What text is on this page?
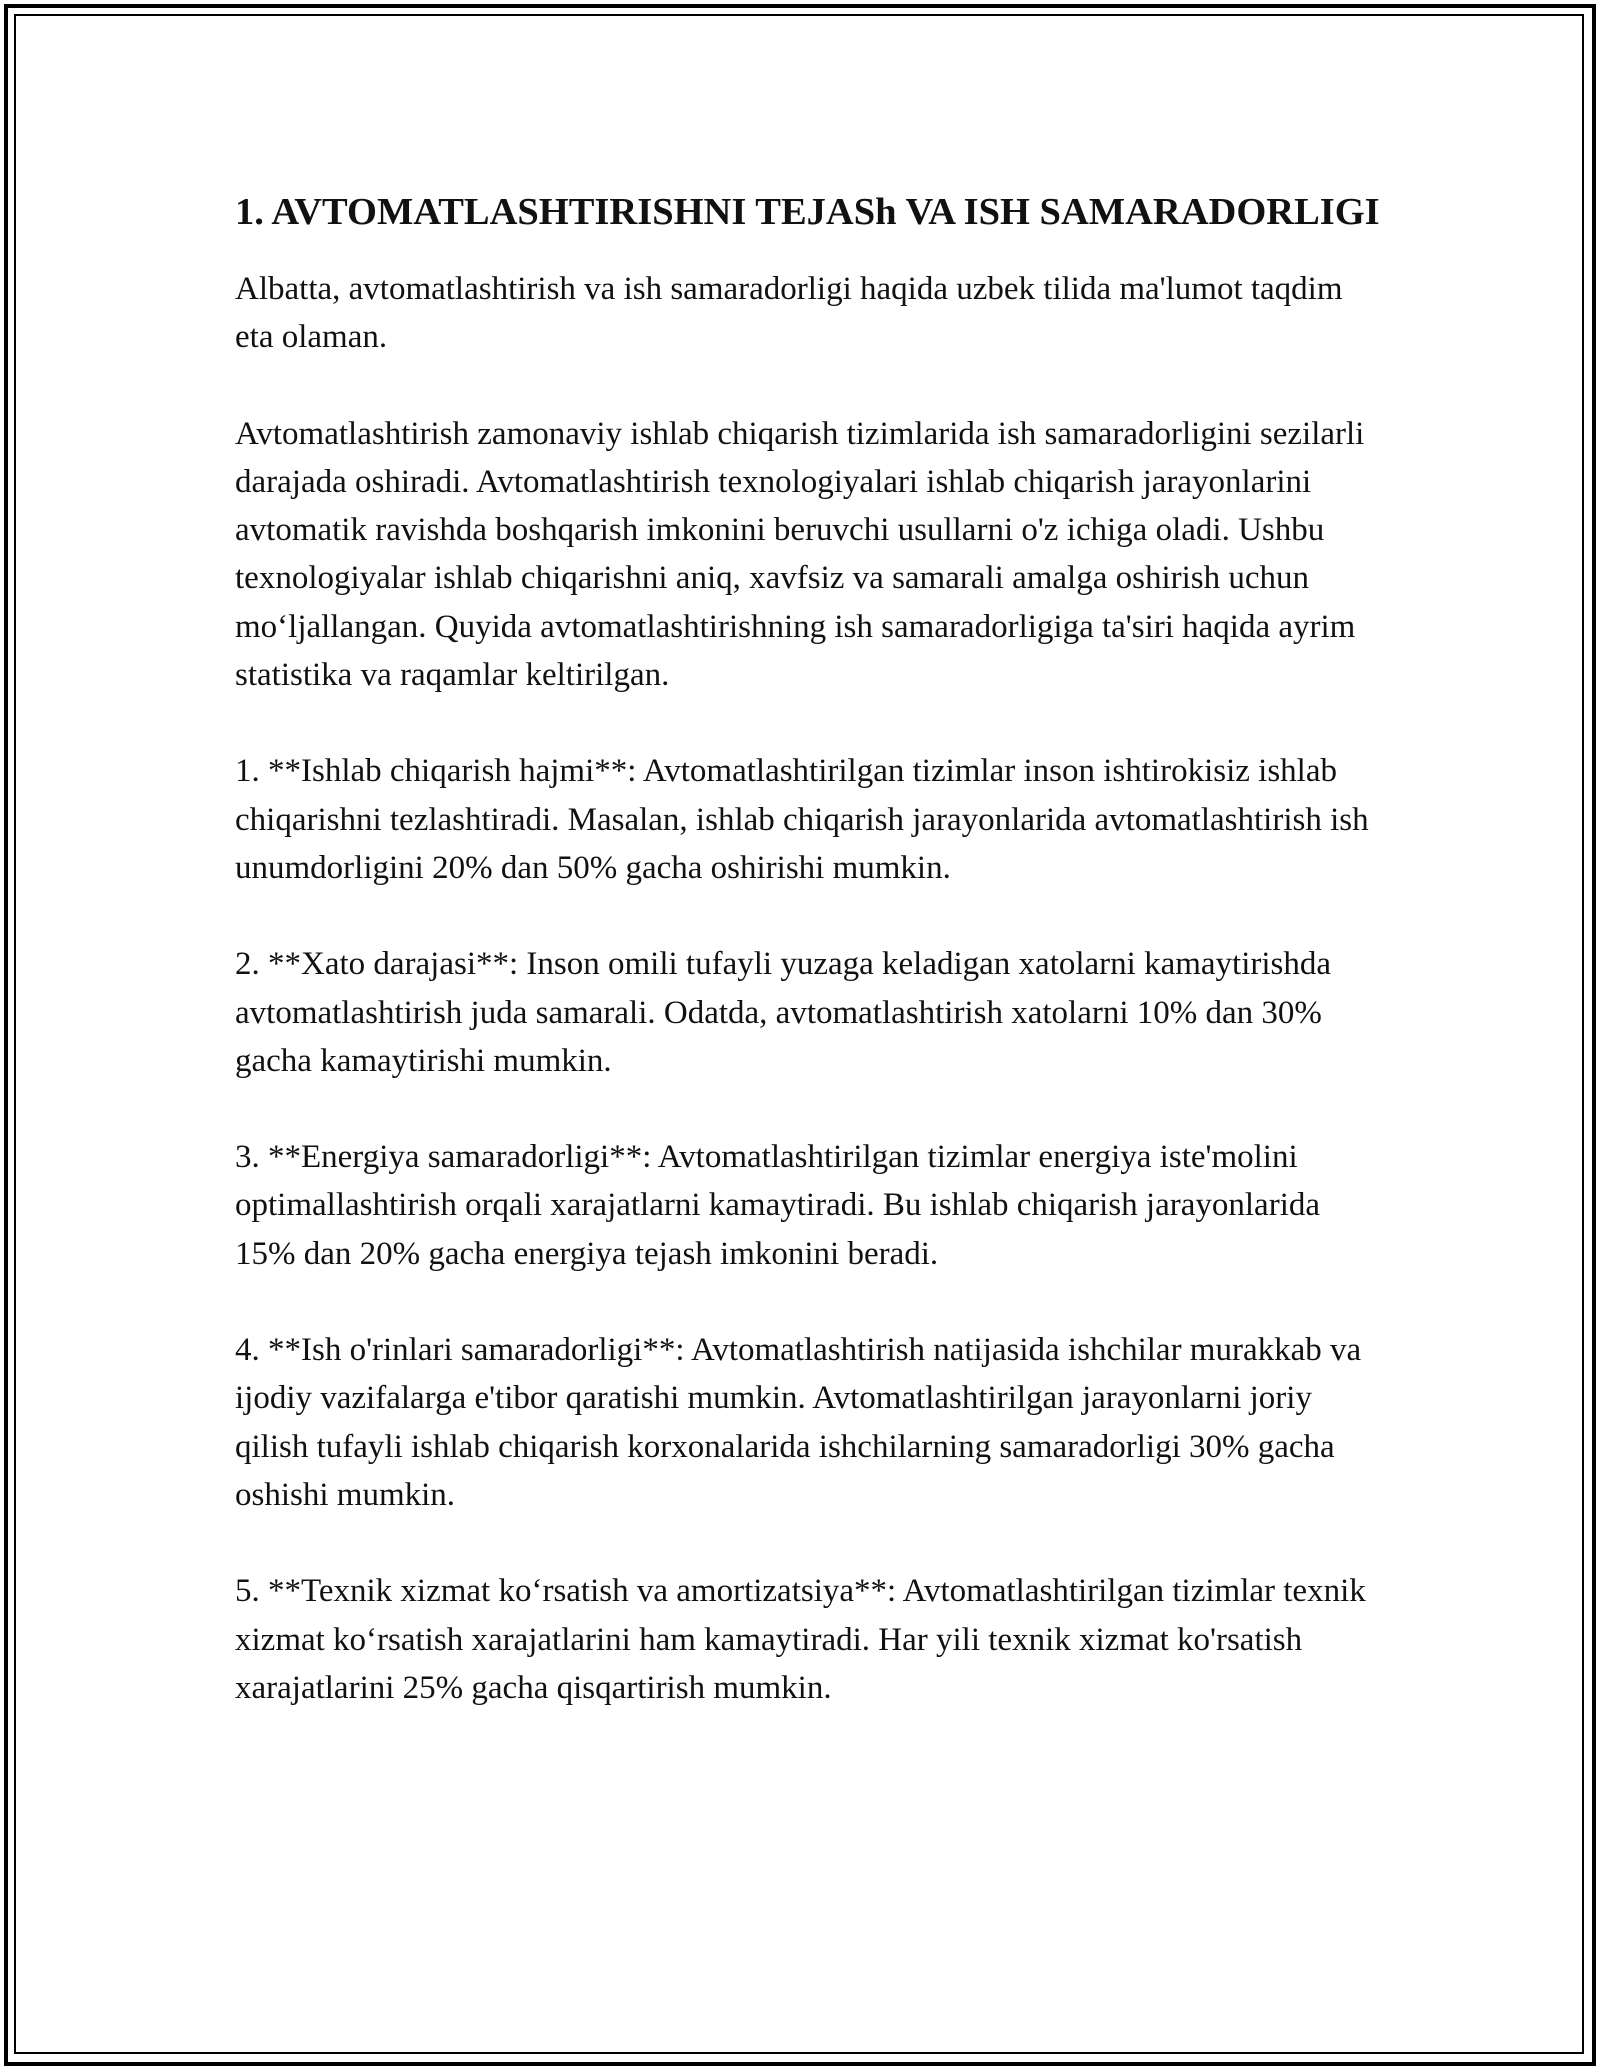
1. AVTOMATLASHTIRISHNI TEJASh VA ISH SAMARADORLIGI

Albatta, avtomatlashtirish va ish samaradorligi haqida uzbek tilida ma'lumot taqdim eta olaman.

Avtomatlashtirish zamonaviy ishlab chiqarish tizimlarida ish samaradorligini sezilarli darajada oshiradi. Avtomatlashtirish texnologiyalari ishlab chiqarish jarayonlarini avtomatik ravishda boshqarish imkonini beruvchi usullarni o'z ichiga oladi. Ushbu texnologiyalar ishlab chiqarishni aniq, xavfsiz va samarali amalga oshirish uchun mo‘ljallangan. Quyida avtomatlashtirishning ish samaradorligiga ta'siri haqida ayrim statistika va raqamlar keltirilgan.

1. **Ishlab chiqarish hajmi**: Avtomatlashtirilgan tizimlar inson ishtirokisiz ishlab chiqarishni tezlashtiradi. Masalan, ishlab chiqarish jarayonlarida avtomatlashtirish ish unumdorligini 20% dan 50% gacha oshirishi mumkin.

2. **Xato darajasi**: Inson omili tufayli yuzaga keladigan xatolarni kamaytirishda avtomatlashtirish juda samarali. Odatda, avtomatlashtirish xatolarni 10% dan 30% gacha kamaytirishi mumkin.

3. **Energiya samaradorligi**: Avtomatlashtirilgan tizimlar energiya iste'molini optimallashtirish orqali xarajatlarni kamaytiradi. Bu ishlab chiqarish jarayonlarida 15% dan 20% gacha energiya tejash imkonini beradi.

4. **Ish o'rinlari samaradorligi**: Avtomatlashtirish natijasida ishchilar murakkab va ijodiy vazifalarga e'tibor qaratishi mumkin. Avtomatlashtirilgan jarayonlarni joriy qilish tufayli ishlab chiqarish korxonalarida ishchilarning samaradorligi 30% gacha oshishi mumkin.

5. **Texnik xizmat ko‘rsatish va amortizatsiya**: Avtomatlashtirilgan tizimlar texnik xizmat ko‘rsatish xarajatlarini ham kamaytiradi. Har yili texnik xizmat ko'rsatish xarajatlarini 25% gacha qisqartirish mumkin.
